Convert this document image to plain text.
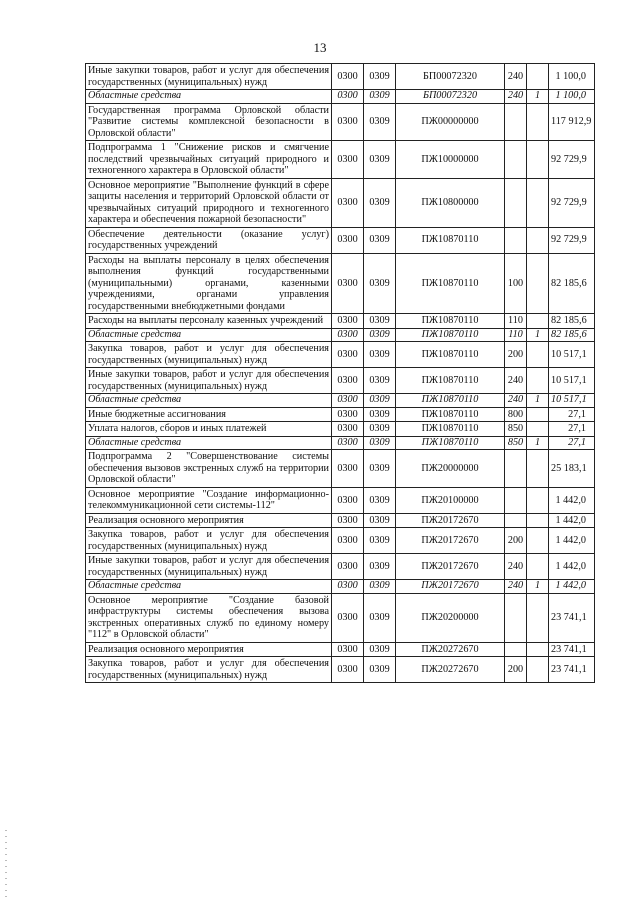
13
Иные закупки товаров, работ и услуг для обеспечения государственных (муниципальных) нужд	0300	0309	БП00072320	240		1 100,0
Областные средства	0300	0309	БП00072320	240	1	1 100,0
Государственная программа Орловской области "Развитие системы комплексной безопасности в Орловской области"	0300	0309	ПЖ00000000			117 912,9
Подпрограмма 1 "Снижение рисков и смягчение последствий чрезвычайных ситуаций природного и техногенного характера в Орловской области"	0300	0309	ПЖ10000000			92 729,9
Основное мероприятие "Выполнение функций в сфере защиты населения и территорий Орловской области от чрезвычайных ситуаций природного и техногенного характера и обеспечения пожарной безопасности"	0300	0309	ПЖ10800000			92 729,9
Обеспечение деятельности (оказание услуг) государственных учреждений	0300	0309	ПЖ10870110			92 729,9
Расходы на выплаты персоналу в целях обеспечения выполнения функций государственными (муниципальными) органами, казенными учреждениями, органами управления государственными внебюджетными фондами	0300	0309	ПЖ10870110	100		82 185,6
Расходы на выплаты персоналу казенных учреждений	0300	0309	ПЖ10870110	110		82 185,6
Областные средства	0300	0309	ПЖ10870110	110	1	82 185,6
Закупка товаров, работ и услуг для обеспечения государственных (муниципальных) нужд	0300	0309	ПЖ10870110	200		10 517,1
Иные закупки товаров, работ и услуг для обеспечения государственных (муниципальных) нужд	0300	0309	ПЖ10870110	240		10 517,1
Областные средства	0300	0309	ПЖ10870110	240	1	10 517,1
Иные бюджетные ассигнования	0300	0309	ПЖ10870110	800		27,1
Уплата налогов, сборов и иных платежей	0300	0309	ПЖ10870110	850		27,1
Областные средства	0300	0309	ПЖ10870110	850	1	27,1
Подпрограмма 2 "Совершенствование системы обеспечения вызовов экстренных служб на территории Орловской области"	0300	0309	ПЖ20000000			25 183,1
Основное мероприятие "Создание информационно-телекоммуникационной сети системы-112"	0300	0309	ПЖ20100000			1 442,0
Реализация основного мероприятия	0300	0309	ПЖ20172670			1 442,0
Закупка товаров, работ и услуг для обеспечения государственных (муниципальных) нужд	0300	0309	ПЖ20172670	200		1 442,0
Иные закупки товаров, работ и услуг для обеспечения государственных (муниципальных) нужд	0300	0309	ПЖ20172670	240		1 442,0
Областные средства	0300	0309	ПЖ20172670	240	1	1 442,0
Основное мероприятие "Создание базовой инфраструктуры системы обеспечения вызова экстренных оперативных служб по единому номеру "112" в Орловской области"	0300	0309	ПЖ20200000			23 741,1
Реализация основного мероприятия	0300	0309	ПЖ20272670			23 741,1
Закупка товаров, работ и услуг для обеспечения государственных (муниципальных) нужд	0300	0309	ПЖ20272670	200		23 741,1
